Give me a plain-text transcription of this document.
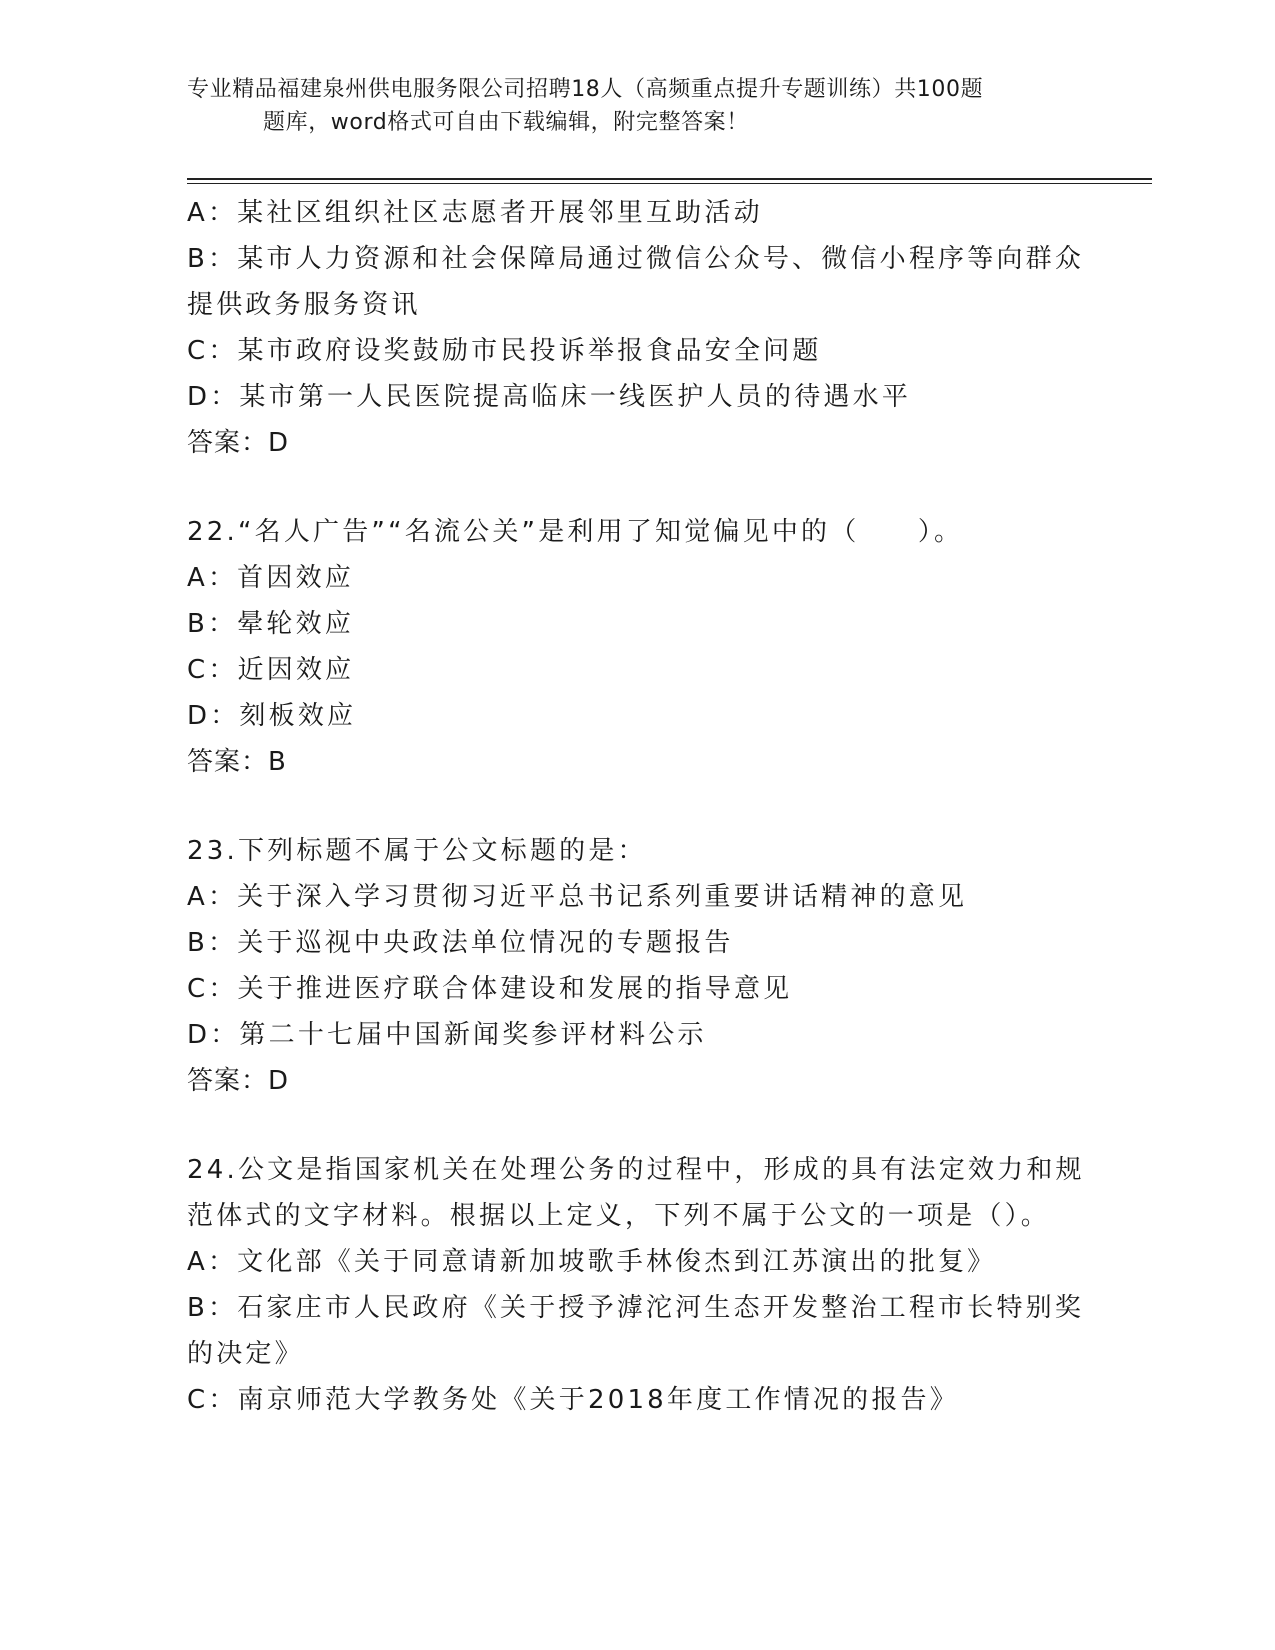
专业精品福建泉州供电服务限公司招聘18人（高频重点提升专题训练）共100题
题库，word格式可自由下载编辑，附完整答案！
A：某社区组织社区志愿者开展邻里互助活动
B：某市人力资源和社会保障局通过微信公众号、微信小程序等向群众
提供政务服务资讯
C：某市政府设奖鼓励市民投诉举报食品安全问题
D：某市第一人民医院提高临床一线医护人员的待遇水平
答案：D
22.“名人广告”“名流公关”是利用了知觉偏见中的（　　）。
A：首因效应
B：晕轮效应
C：近因效应
D：刻板效应
答案：B
23.下列标题不属于公文标题的是：
A：关于深入学习贯彻习近平总书记系列重要讲话精神的意见
B：关于巡视中央政法单位情况的专题报告
C：关于推进医疗联合体建设和发展的指导意见
D：第二十七届中国新闻奖参评材料公示
答案：D
24.公文是指国家机关在处理公务的过程中，形成的具有法定效力和规
范体式的文字材料。根据以上定义，下列不属于公文的一项是（）。
A：文化部《关于同意请新加坡歌手林俊杰到江苏演出的批复》
B：石家庄市人民政府《关于授予滹沱河生态开发整治工程市长特别奖
的决定》
C：南京师范大学教务处《关于2018年度工作情况的报告》
